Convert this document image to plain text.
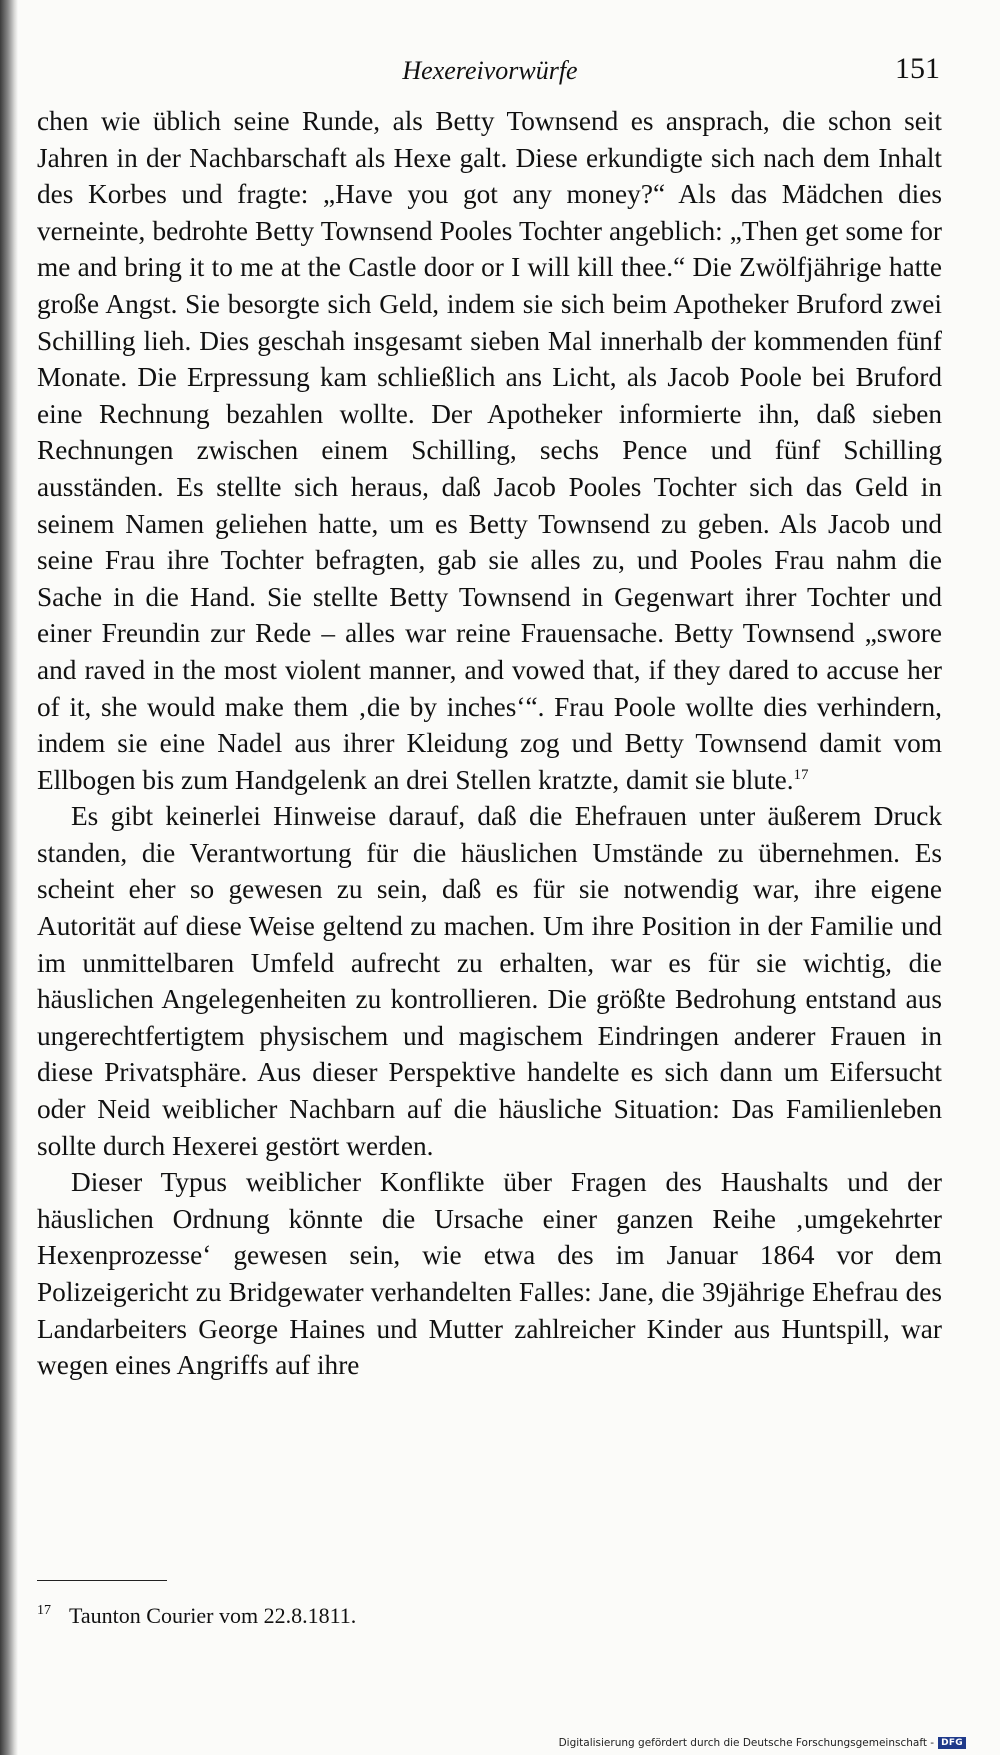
Hexereivorwürfe	151

chen wie üblich seine Runde, als Betty Townsend es ansprach, die schon seit Jahren in der Nachbarschaft als Hexe galt. Diese erkundigte sich nach dem Inhalt des Korbes und fragte: „Have you got any money?“ Als das Mädchen dies verneinte, bedrohte Betty Townsend Pooles Tochter angeblich: „Then get some for me and bring it to me at the Castle door or I will kill thee.“ Die Zwölfjährige hatte große Angst. Sie besorgte sich Geld, indem sie sich beim Apotheker Bruford zwei Schilling lieh. Dies geschah insgesamt sieben Mal innerhalb der kommenden fünf Monate. Die Erpressung kam schließlich ans Licht, als Jacob Poole bei Bruford eine Rechnung bezahlen wollte. Der Apotheker informierte ihn, daß sieben Rechnungen zwischen einem Schilling, sechs Pence und fünf Schilling ausständen. Es stellte sich heraus, daß Jacob Pooles Tochter sich das Geld in seinem Namen geliehen hatte, um es Betty Townsend zu geben. Als Jacob und seine Frau ihre Tochter befragten, gab sie alles zu, und Pooles Frau nahm die Sache in die Hand. Sie stellte Betty Townsend in Gegenwart ihrer Tochter und einer Freundin zur Rede – alles war reine Frauensache. Betty Townsend „swore and raved in the most violent manner, and vowed that, if they dared to accuse her of it, she would make them ‚die by inches‘“. Frau Poole wollte dies verhindern, indem sie eine Nadel aus ihrer Kleidung zog und Betty Townsend damit vom Ellbogen bis zum Handgelenk an drei Stellen kratzte, damit sie blute.$^{17}$

Es gibt keinerlei Hinweise darauf, daß die Ehefrauen unter äußerem Druck standen, die Verantwortung für die häuslichen Umstände zu übernehmen. Es scheint eher so gewesen zu sein, daß es für sie notwendig war, ihre eigene Autorität auf diese Weise geltend zu machen. Um ihre Position in der Familie und im unmittelbaren Umfeld aufrecht zu erhalten, war es für sie wichtig, die häuslichen Angelegenheiten zu kontrollieren. Die größte Bedrohung entstand aus ungerechtfertigtem physischem und magischem Eindringen anderer Frauen in diese Privatsphäre. Aus dieser Perspektive handelte es sich dann um Eifersucht oder Neid weiblicher Nachbarn auf die häusliche Situation: Das Familienleben sollte durch Hexerei gestört werden.

Dieser Typus weiblicher Konflikte über Fragen des Haushalts und der häuslichen Ordnung könnte die Ursache einer ganzen Reihe ‚umgekehrter Hexenprozesse‘ gewesen sein, wie etwa des im Januar 1864 vor dem Polizeigericht zu Bridgewater verhandelten Falles: Jane, die 39jährige Ehefrau des Landarbeiters George Haines und Mutter zahlreicher Kinder aus Huntspill, war wegen eines Angriffs auf ihre

$^{17}$ Taunton Courier vom 22.8.1811.
Digitalisierung gefördert durch die Deutsche Forschungsgemeinschaft - DFG
